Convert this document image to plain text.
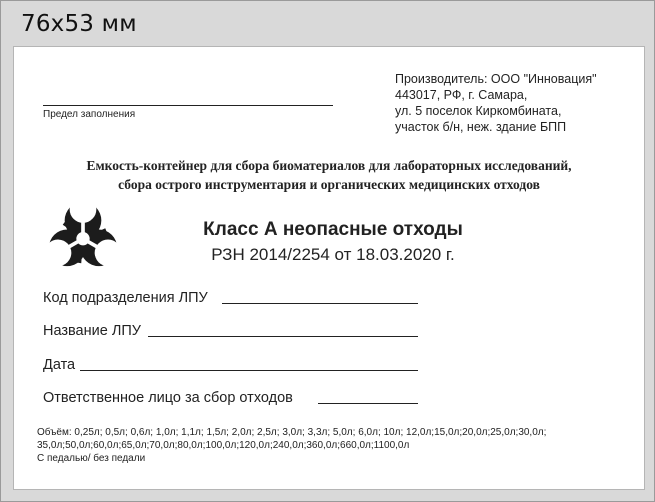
76x53 мм
Предел заполнения
Производитель: ООО "Инновация"
443017, РФ, г. Самара,
ул. 5 поселок Киркомбината,
участок б/н, неж. здание БПП
Емкость-контейнер для сбора биоматериалов для лабораторных исследований,
сбора острого инструментария и органических медицинских отходов
Класс А неопасные отходы
РЗН 2014/2254 от 18.03.2020 г.
Код подразделения ЛПУ
Название ЛПУ
Дата
Ответственное лицо за сбор отходов
Объём: 0,25л; 0,5л; 0,6л; 1,0л; 1,1л; 1,5л; 2,0л; 2,5л; 3,0л; 3,3л; 5,0л; 6,0л; 10л; 12,0л;15,0л;20,0л;25,0л;30,0л;
35,0л;50,0л;60,0л;65,0л;70,0л;80,0л;100,0л;120,0л;240,0л;360,0л;660,0л;1100,0л
С педалью/ без педали
